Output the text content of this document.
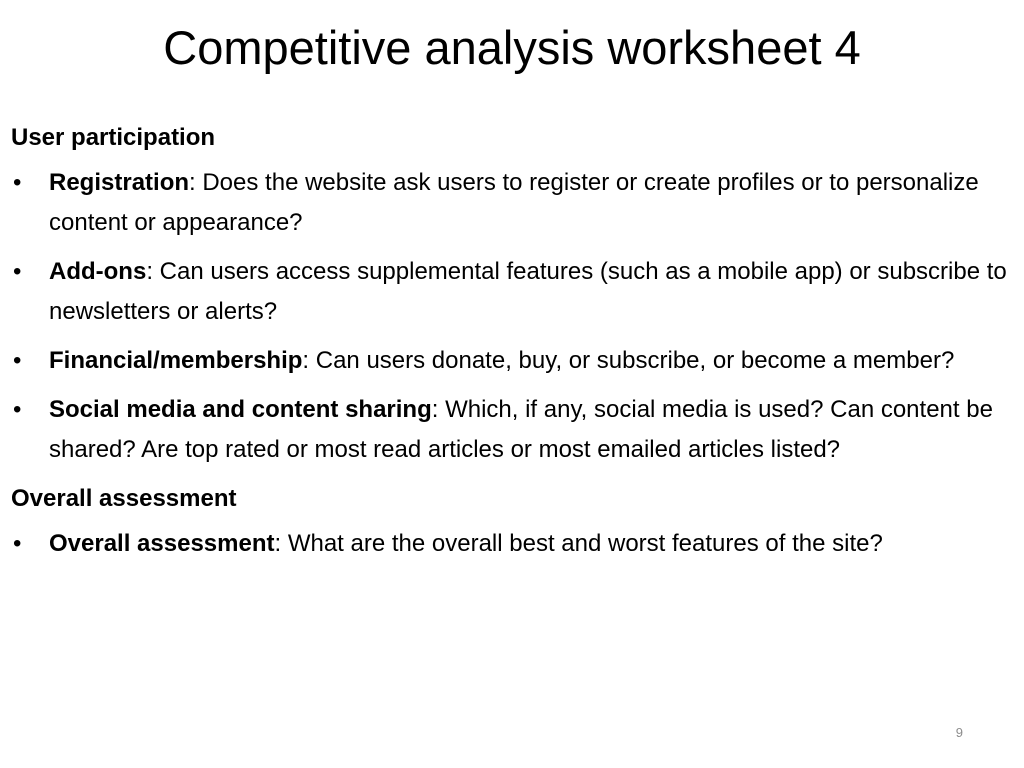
Competitive analysis worksheet 4
User participation
•	Registration: Does the website ask users to register or create profiles or to personalize content or appearance?
•	Add-ons: Can users access supplemental features (such as a mobile app) or subscribe to newsletters or alerts?
•	Financial/membership: Can users donate, buy, or subscribe, or become a member?
•	Social media and content sharing: Which, if any, social media is used? Can content be shared? Are top rated or most read articles or most emailed articles listed?
Overall assessment
•	Overall assessment: What are the overall best and worst features of the site?
9
